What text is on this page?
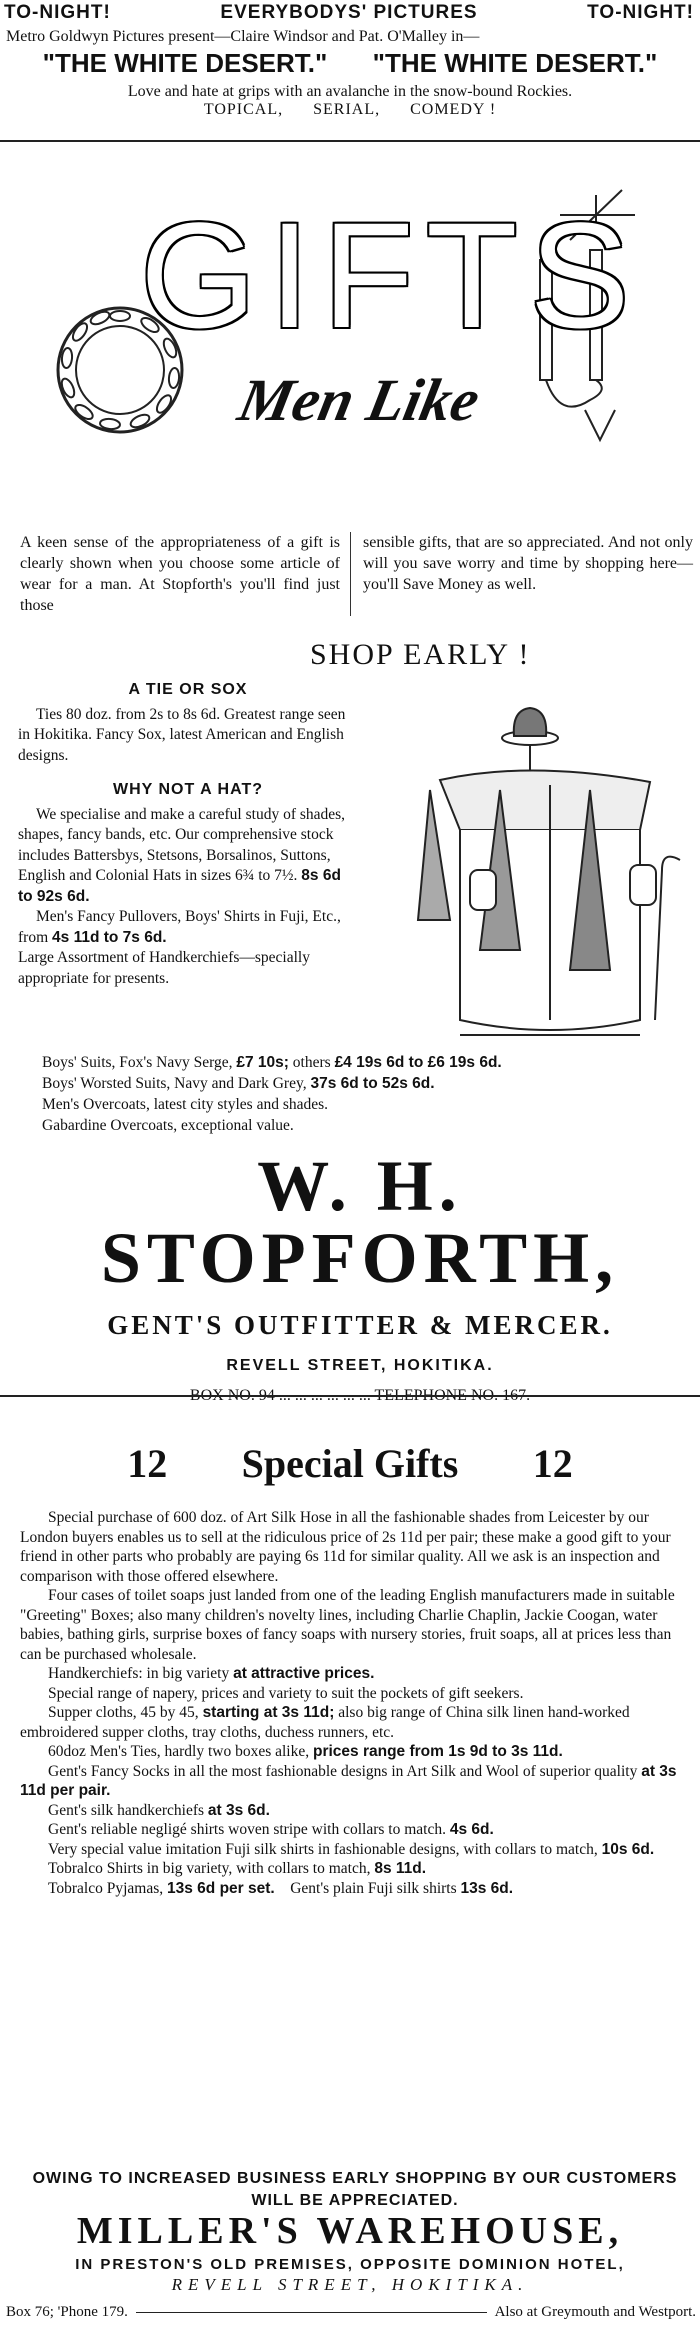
TO-NIGHT!	EVERYBODYS' PICTURES	TO-NIGHT!
Metro Goldwyn Pictures present—Claire Windsor and Pat. O'Malley in—
"THE WHITE DESERT." "THE WHITE DESERT."
Love and hate at grips with an avalanche in the snow-bound Rockies.
TOPICAL, SERIAL, COMEDY !
GIFTS
Men Like
A keen sense of the appropriateness of a gift is clearly shown when you choose some article of wear for a man. At Stopforth's you'll find just those
sensible gifts, that are so appreciated. And not only will you save worry and time by shopping here—you'll Save Money as well.
SHOP EARLY !
A TIE OR SOX

Ties 80 doz. from 2s to 8s 6d. Greatest range seen in Hokitika. Fancy Sox, latest American and English designs.

WHY NOT A HAT?

We specialise and make a careful study of shades, shapes, fancy bands, etc. Our comprehensive stock includes Battersbys, Stetsons, Borsalinos, Suttons, English and Colonial Hats in sizes 6¾ to 7½. 8s 6d to 92s 6d.

Men's Fancy Pullovers, Boys' Shirts in Fuji, Etc., from 4s 11d to 7s 6d.

Large Assortment of Handkerchiefs—specially appropriate for presents.

Boys' Suits, Fox's Navy Serge, £7 10s; others £4 19s 6d to £6 19s 6d.
Boys' Worsted Suits, Navy and Dark Grey, 37s 6d to 52s 6d.
Men's Overcoats, latest city styles and shades.
Gabardine Overcoats, exceptional value.
W. H. STOPFORTH,
GENT'S OUTFITTER & MERCER.
REVELL STREET, HOKITIKA.
BOX NO. 94 ... ... ... ... ... ... TELEPHONE NO. 167.
12 Special Gifts 12

Special purchase of 600 doz. of Art Silk Hose in all the fashionable shades from Leicester by our London buyers enables us to sell at the ridiculous price of 2s 11d per pair; these make a good gift to your friend in other parts who probably are paying 6s 11d for similar quality. All we ask is an inspection and comparison with those offered elsewhere.

Four cases of toilet soaps just landed from one of the leading English manufacturers made in suitable "Greeting" Boxes; also many children's novelty lines, including Charlie Chaplin, Jackie Coogan, water babies, bathing girls, surprise boxes of fancy soaps with nursery stories, fruit soaps, all at prices less than can be purchased wholesale.

Handkerchiefs: in big variety at attractive prices.

Special range of napery, prices and variety to suit the pockets of gift seekers.

Supper cloths, 45 by 45, starting at 3s 11d; also big range of China silk linen hand-worked embroidered supper cloths, tray cloths, duchess runners, etc.

60doz Men's Ties, hardly two boxes alike, prices range from 1s 9d to 3s 11d.

Gent's Fancy Socks in all the most fashionable designs in Art Silk and Wool of superior quality at 3s 11d per pair.

Gent's silk handkerchiefs at 3s 6d.

Gent's reliable negligé shirts woven stripe with collars to match. 4s 6d.

Very special value imitation Fuji silk shirts in fashionable designs, with collars to match, 10s 6d.

Tobralco Shirts in big variety, with collars to match, 8s 11d.

Tobralco Pyjamas, 13s 6d per set. Gent's plain Fuji silk shirts 13s 6d.

OWING TO INCREASED BUSINESS EARLY SHOPPING BY OUR CUSTOMERS WILL BE APPRECIATED.
MILLER'S WAREHOUSE,
IN PRESTON'S OLD PREMISES, OPPOSITE DOMINION HOTEL,
REVELL STREET, HOKITIKA.
Box 76; 'Phone 179.	Also at Greymouth and Westport.
